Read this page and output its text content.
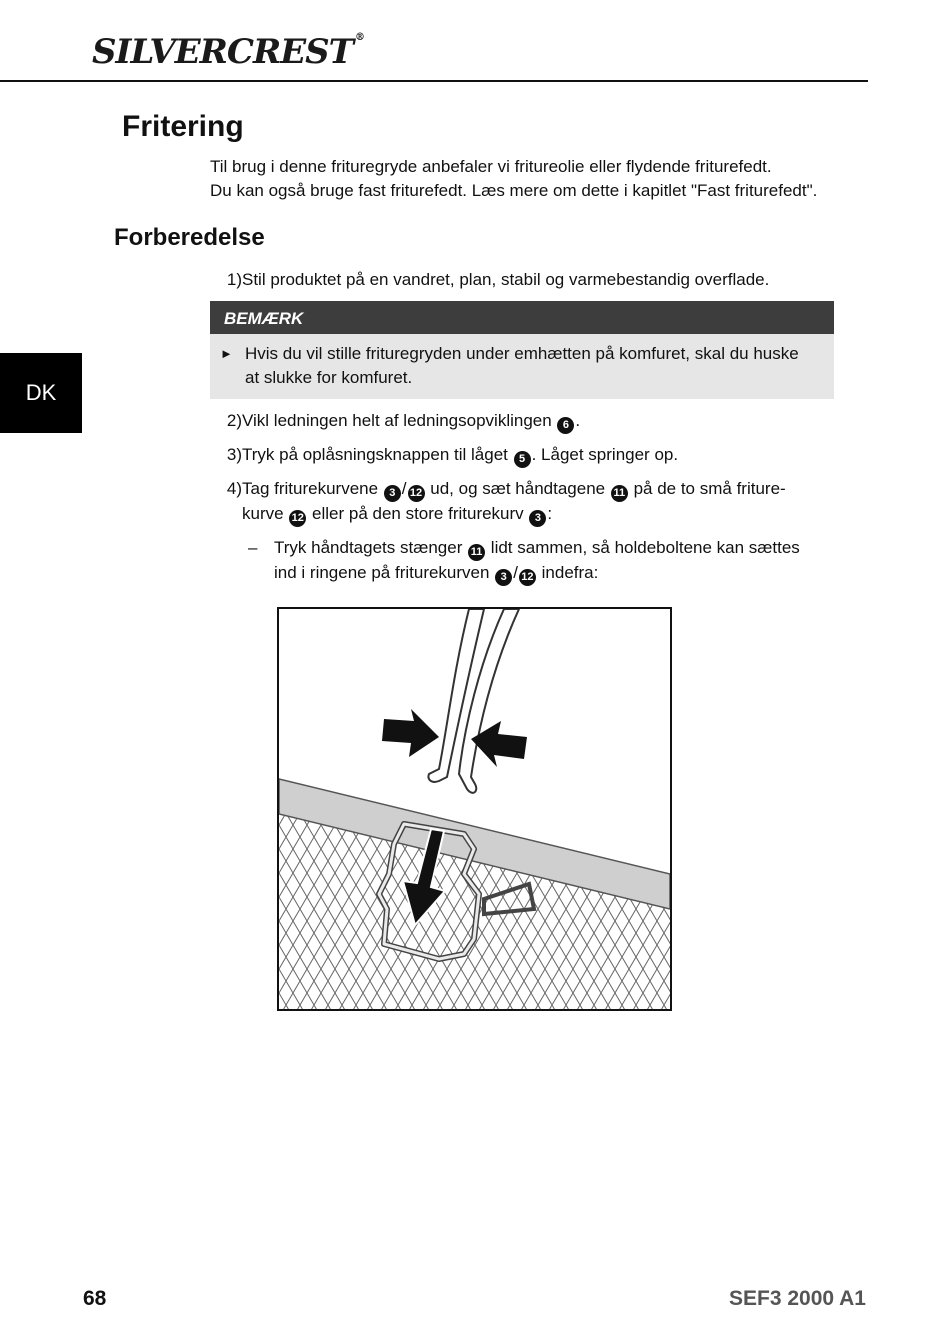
SILVERCREST ®
DK
Fritering
Til brug i denne frituregryde anbefaler vi fritureolie eller flydende friturefedt.
Du kan også bruge fast friturefedt. Læs mere om dette i kapitlet "Fast friturefedt".
Forberedelse
1) Stil produktet på en vandret, plan, stabil og varmebestandig overflade.
BEMÆRK
► Hvis du vil stille frituregryden under emhætten på komfuret, skal du huske at slukke for komfuret.
2) Vikl ledningen helt af ledningsopviklingen 6 .
3) Tryk på oplåsningsknappen til låget 5 . Låget springer op.
4) Tag friturekurvene 3 / 12 ud, og sæt håndtagene 11 på de to små friture-kurve 12 eller på den store friturekurv 3 :
– Tryk håndtagets stænger 11 lidt sammen, så holdeboltene kan sættes ind i ringene på friturekurven 3 / 12 indefra:
68	SEF3 2000 A1
